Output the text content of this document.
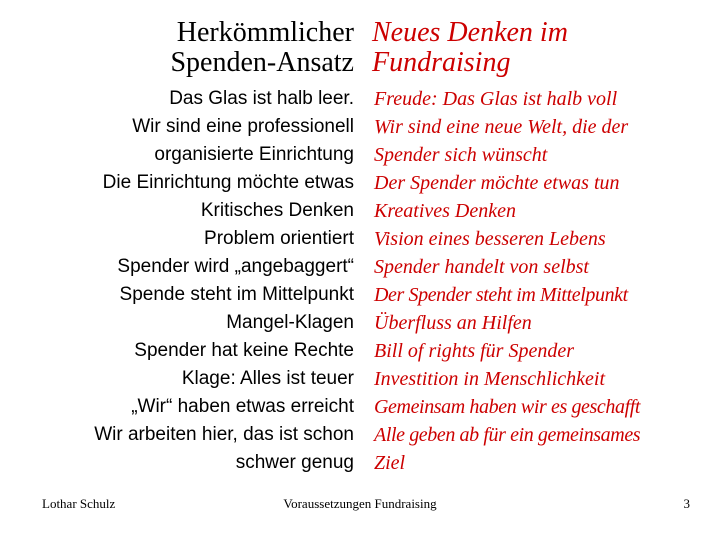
Herkömmlicher
Spenden-Ansatz
Neues Denken im
Fundraising
Das Glas ist halb leer.
Wir sind eine professionell
organisierte Einrichtung
Die Einrichtung möchte etwas
Kritisches Denken
Problem orientiert
Spender wird „angebaggert“
Spende steht im Mittelpunkt
Mangel-Klagen
Spender hat keine Rechte
Klage: Alles ist teuer
„Wir“ haben etwas erreicht
Wir arbeiten hier, das ist schon
schwer genug
Freude: Das Glas ist halb voll
Wir sind eine neue Welt, die der
Spender sich wünscht
Der Spender möchte etwas tun
Kreatives Denken
Vision eines besseren Lebens
Spender handelt von selbst
Der Spender steht im Mittelpunkt
Überfluss an Hilfen
Bill of rights für Spender
Investition in Menschlichkeit
Gemeinsam haben wir es geschafft
Alle geben ab für ein gemeinsames
Ziel
Lothar Schulz	Voraussetzungen Fundraising	3
